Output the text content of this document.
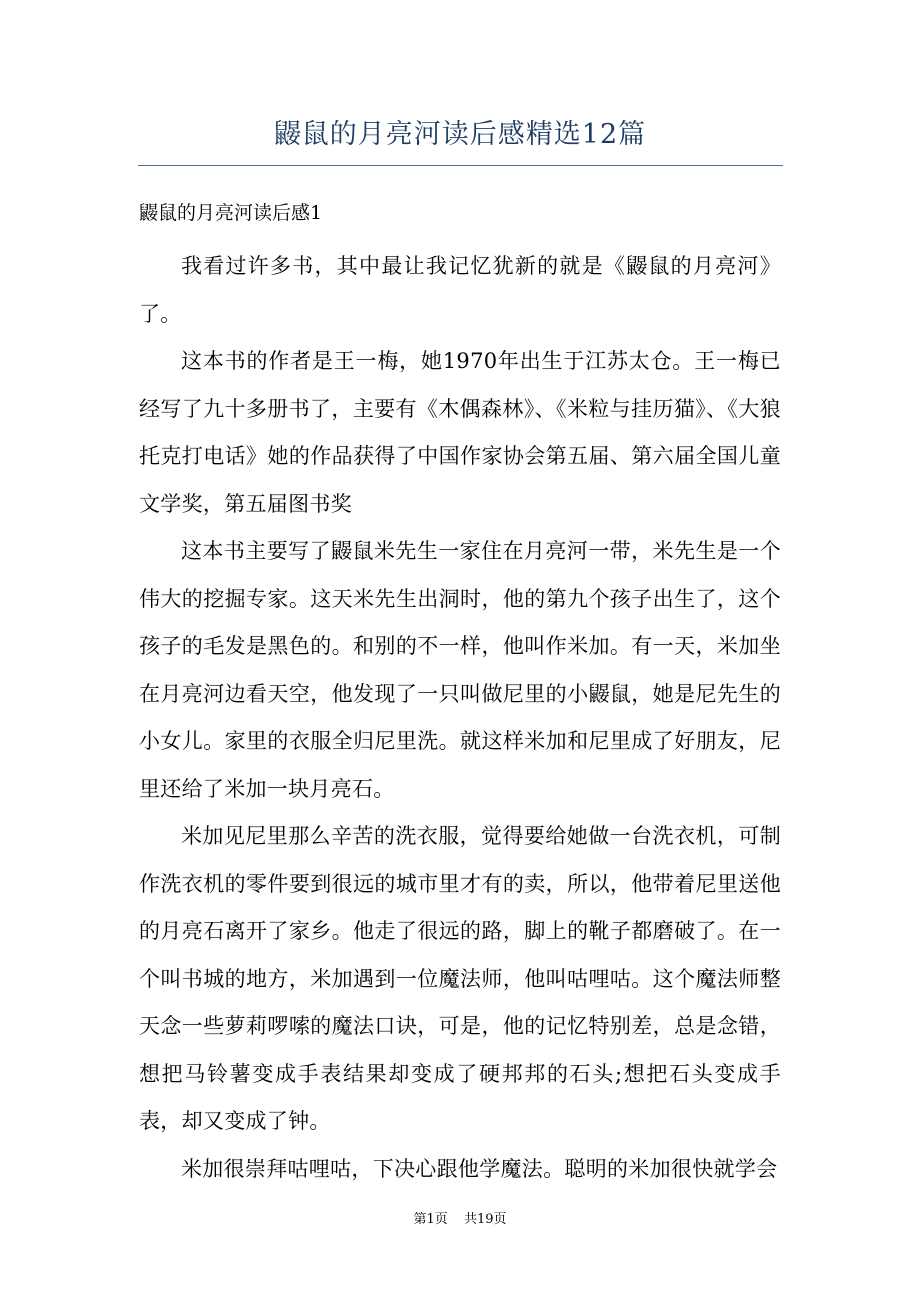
鼹鼠的月亮河读后感精选12篇
鼹鼠的月亮河读后感1

我看过许多书，其中最让我记忆犹新的就是《鼹鼠的月亮河》了。

这本书的作者是王一梅，她1970年出生于江苏太仓。王一梅已经写了九十多册书了，主要有《木偶森林》、《米粒与挂历猫》、《大狼托克打电话》她的作品获得了中国作家协会第五届、第六届全国儿童文学奖，第五届图书奖

这本书主要写了鼹鼠米先生一家住在月亮河一带，米先生是一个伟大的挖掘专家。这天米先生出洞时，他的第九个孩子出生了，这个孩子的毛发是黑色的。和别的不一样，他叫作米加。有一天，米加坐在月亮河边看天空，他发现了一只叫做尼里的小鼹鼠，她是尼先生的小女儿。家里的衣服全归尼里洗。就这样米加和尼里成了好朋友，尼里还给了米加一块月亮石。

米加见尼里那么辛苦的洗衣服，觉得要给她做一台洗衣机，可制作洗衣机的零件要到很远的城市里才有的卖，所以，他带着尼里送他的月亮石离开了家乡。他走了很远的路，脚上的靴子都磨破了。在一个叫书城的地方，米加遇到一位魔法师，他叫咕哩咕。这个魔法师整天念一些萝莉啰嗦的魔法口诀，可是，他的记忆特别差，总是念错，想把马铃薯变成手表结果却变成了硬邦邦的石头;想把石头变成手表，却又变成了钟。

米加很崇拜咕哩咕，下决心跟他学魔法。聪明的米加很快就学会

第1页 共19页
